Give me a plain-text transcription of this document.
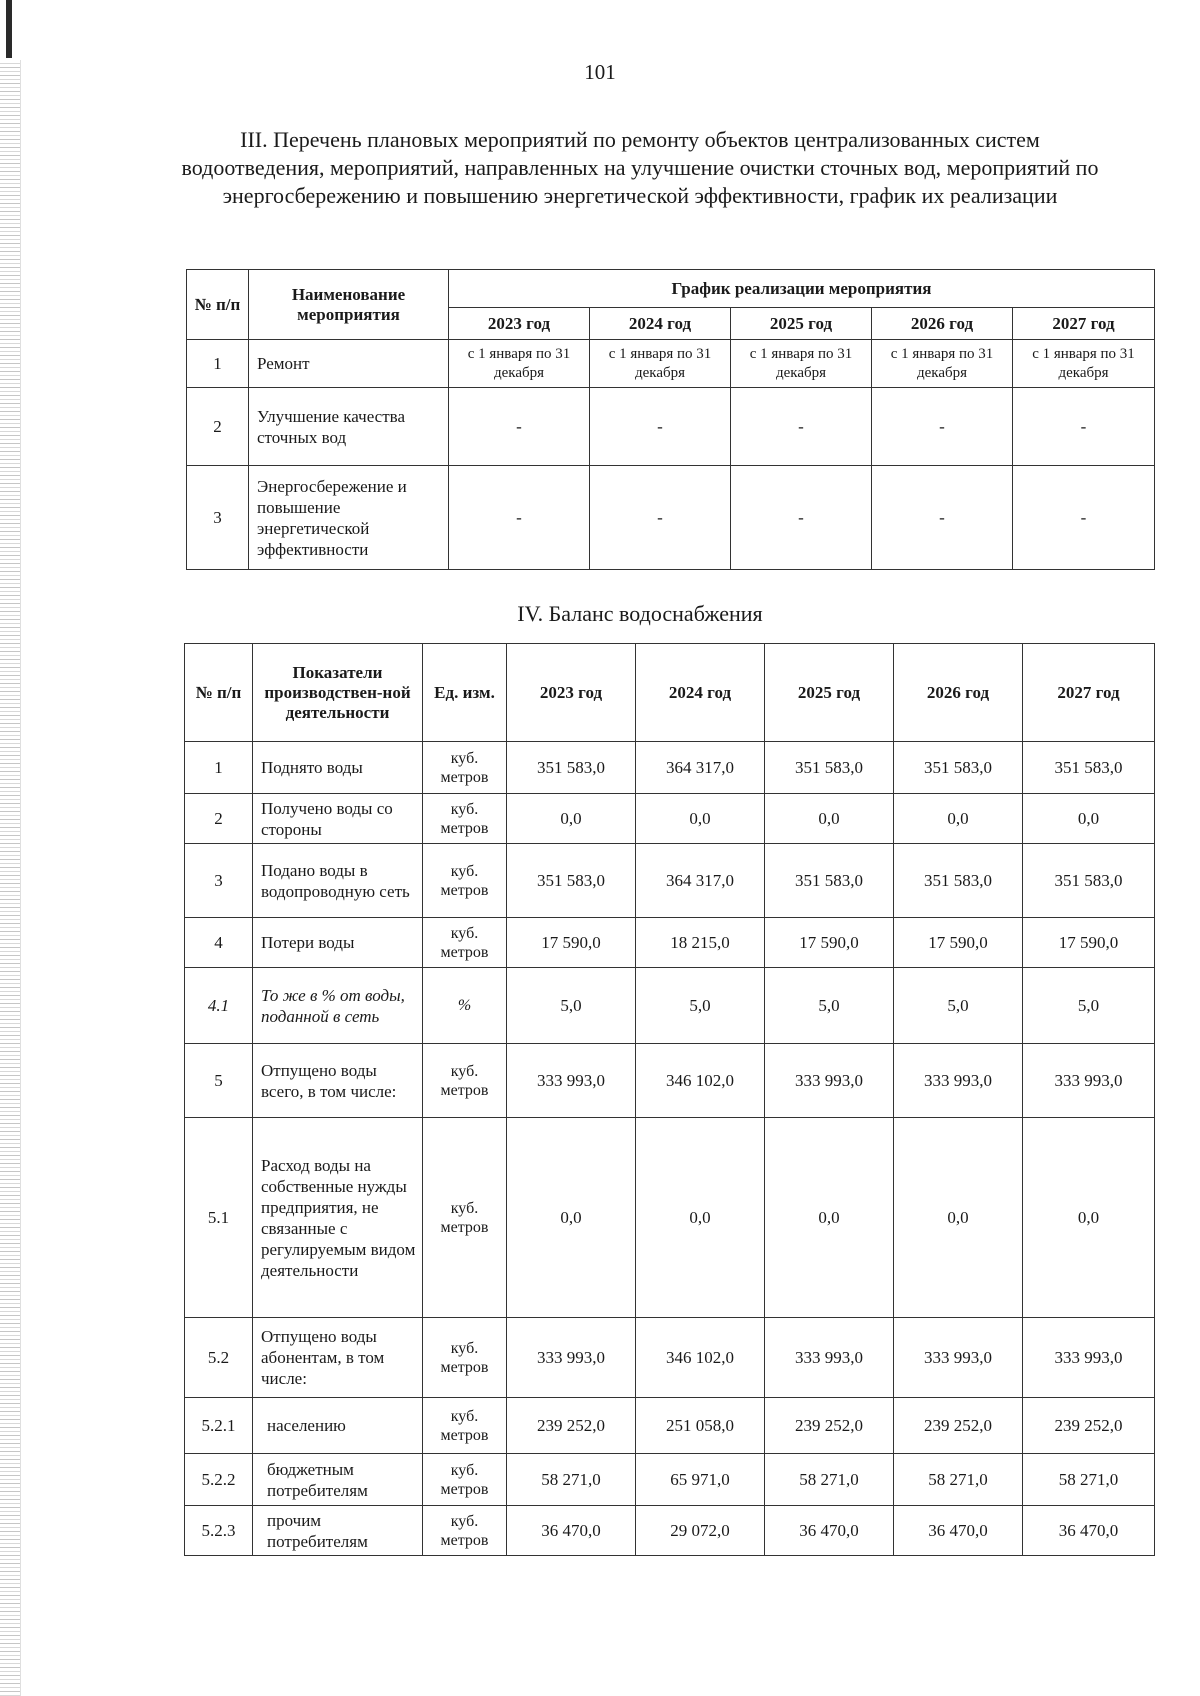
101
III. Перечень плановых мероприятий по ремонту объектов централизованных систем водоотведения, мероприятий, направленных на улучшение очистки сточных вод, мероприятий по энергосбережению и повышению энергетической эффективности, график их реализации
№ п/п	Наименование мероприятия	График реализации мероприятия				
		2023 год	2024 год	2025 год	2026 год	2027 год
1	Ремонт	с 1 января по 31 декабря	с 1 января по 31 декабря	с 1 января по 31 декабря	с 1 января по 31 декабря	с 1 января по 31 декабря
2	Улучшение качества сточных вод	-	-	-	-	-
3	Энергосбережение и повышение энергетической эффективности	-	-	-	-	-
IV. Баланс водоснабжения
№ п/п	Показатели производствен-ной деятельности	Ед. изм.	2023 год	2024 год	2025 год	2026 год	2027 год
1	Поднято воды	куб. метров	351 583,0	364 317,0	351 583,0	351 583,0	351 583,0
2	Получено воды со стороны	куб. метров	0,0	0,0	0,0	0,0	0,0
3	Подано воды в водопроводную сеть	куб. метров	351 583,0	364 317,0	351 583,0	351 583,0	351 583,0
4	Потери воды	куб. метров	17 590,0	18 215,0	17 590,0	17 590,0	17 590,0
4.1	То же в % от воды, поданной в сеть	%	5,0	5,0	5,0	5,0	5,0
5	Отпущено воды всего, в том числе:	куб. метров	333 993,0	346 102,0	333 993,0	333 993,0	333 993,0
5.1	Расход воды на собственные нужды предприятия, не связанные с регулируемым видом деятельности	куб. метров	0,0	0,0	0,0	0,0	0,0
5.2	Отпущено воды абонентам, в том числе:	куб. метров	333 993,0	346 102,0	333 993,0	333 993,0	333 993,0
5.2.1	населению	куб. метров	239 252,0	251 058,0	239 252,0	239 252,0	239 252,0
5.2.2	бюджетным потребителям	куб. метров	58 271,0	65 971,0	58 271,0	58 271,0	58 271,0
5.2.3	прочим потребителям	куб. метров	36 470,0	29 072,0	36 470,0	36 470,0	36 470,0
